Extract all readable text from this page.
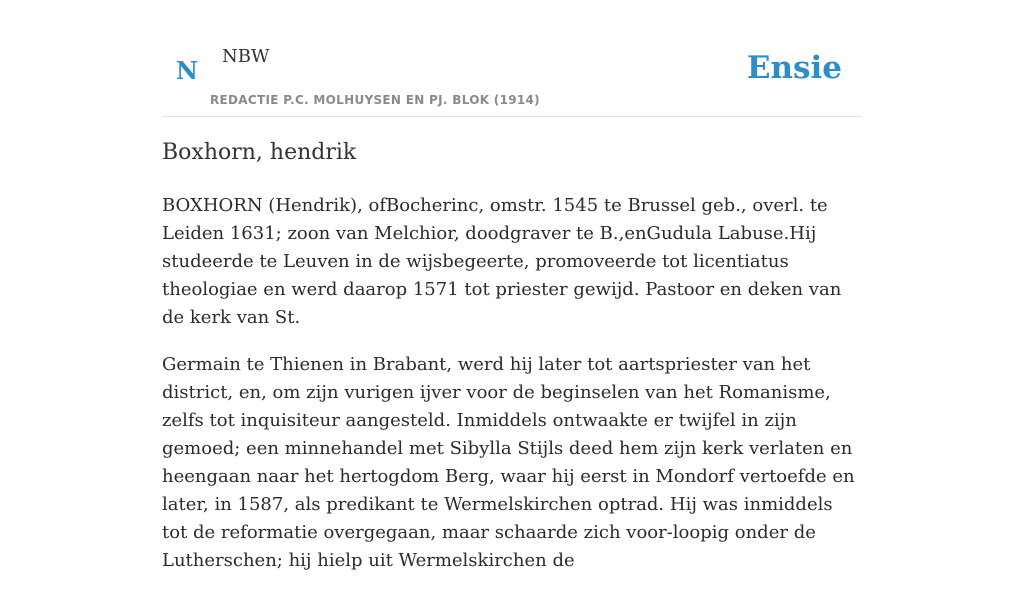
N NBW
REDACTIE P.C. MOLHUYSEN EN PJ. BLOK (1914)
Ensie
Boxhorn, hendrik

BOXHORN (Hendrik), ofBocherinc, omstr. 1545 te Brussel geb., overl. te Leiden 1631; zoon van Melchior, doodgraver te B.,enGudula Labuse.Hij studeerde te Leuven in de wijsbegeerte, promoveerde tot licentiatus theologiae en werd daarop 1571 tot priester gewijd. Pastoor en deken van de kerk van St.

Germain te Thienen in Brabant, werd hij later tot aartspriester van het district, en, om zijn vurigen ijver voor de beginselen van het Romanisme, zelfs tot inquisiteur aangesteld. Inmiddels ontwaakte er twijfel in zijn gemoed; een minnehandel met Sibylla Stijls deed hem zijn kerk verlaten en heengaan naar het hertogdom Berg, waar hij eerst in Mondorf vertoefde en later, in 1587, als predikant te Wermelskirchen optrad. Hij was inmiddels tot de reformatie overgegaan, maar schaarde zich voor-loopig onder de Lutherschen; hij hielp uit Wermelskirchen de
